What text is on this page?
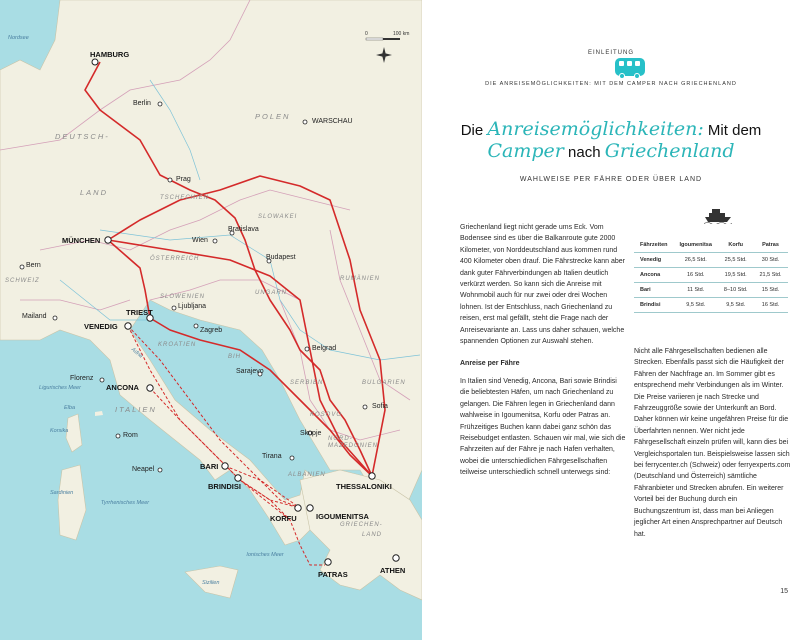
Nordsee
Adria
Ligurisches Meer
Tyrrhenisches Meer
Ionisches Meer
POLEN
DEUTSCH-
LAND
TSCHECHIEN
SLOWAKEI
ÖSTERREICH
SCHWEIZ
UNGARN
SLOWENIEN
RUMÄNIEN
KROATIEN
BIH
SERBIEN
KOSOVO
NORD-
MAZEDONIEN
BULGARIEN
ALBANIEN
ITALIEN
GRIECHEN-
LAND
HAMBURG
Berlin
WARSCHAU
Prag
MÜNCHEN	Wien
Bratislava
Budapest
Bern
Mailand
VENEDIG
TRIEST
Ljubljana
Zagreb
Belgrad
Sarajevo
Florenz
ANCONA
Rom	Skopje
Sofia
Tirana
THESSALONIKI
Neapel	BARI
BRINDISI
KORFU	IGOUMENITSA
PATRAS	ATHEN
Elba
Korsika
Sardinien
Sizilien
0	100 km
EINLEITUNG
DIE ANREISEMÖGLICHKEITEN: MIT DEM CAMPER NACH GRIECHENLAND
Die Anreisemöglichkeiten: Mit dem
Camper nach Griechenland
WAHLWEISE PER FÄHRE ODER ÜBER LAND

Griechenland liegt nicht gerade ums Eck. Vom Bodensee sind es über die Balkanroute gute 2000 Kilometer, von Norddeutschland aus kommen rund 400 Kilometer oben drauf. Die Fährstrecke kann aber dank guter Fährverbindungen ab Italien deutlich verkürzt werden. So kann sich die Anreise mit Wohnmobil auch für nur zwei oder drei Wochen lohnen. Ist der Entschluss, nach Griechenland zu reisen, erst mal gefällt, steht die Frage nach der Anreisevariante an. Lass uns daher schauen, welche spannenden Optionen zur Auswahl stehen.

Anreise per Fähre

In Italien sind Venedig, Ancona, Bari sowie Brindisi die beliebtesten Häfen, um nach Griechenland zu gelangen. Die Fähren legen in Griechenland dann wahlweise in Igoumenitsa, Korfu oder Patras an. Frühzeitiges Buchen kann dabei ganz schön das Reisebudget entlasten. Schauen wir mal, wie sich die Fahrzeiten auf der Fähre je nach Hafen verhalten, wobei die unterschiedlichen Fährgesellschaften teilweise unterschiedlich schnell unterwegs sind:

Fährzeiten	Igoumenitsa	Korfu	Patras
Venedig	26,5 Std.	25,5 Std.	30 Std.
Ancona	16 Std.	19,5 Std.	21,5 Std.
Bari	11 Std.	8–10 Std.	15 Std.
Brindisi	9,5 Std.	9,5 Std.	16 Std.

Nicht alle Fährgesellschaften bedienen alle Strecken. Ebenfalls passt sich die Häufigkeit der Fähren der Nachfrage an. Im Sommer gibt es entsprechend mehr Verbindungen als im Winter. Die Preise variieren je nach Strecke und Fahrzeuggröße sowie der Unterkunft an Bord. Daher können wir keine ungefähren Preise für die Überfahrten nennen. Wer nicht jede Fährgesellschaft einzeln prüfen will, kann dies bei Vergleichsportalen tun. Beispielsweise lassen sich bei ferrycenter.ch (Schweiz) oder ferryexperts.com (Deutschland und Österreich) sämtliche Fähranbieter und Strecken abrufen. Ein weiterer Vorteil bei der Buchung durch ein Buchungszentrum ist, dass man bei Anliegen jeglicher Art einen Ansprechpartner auf Deutsch hat.

15
